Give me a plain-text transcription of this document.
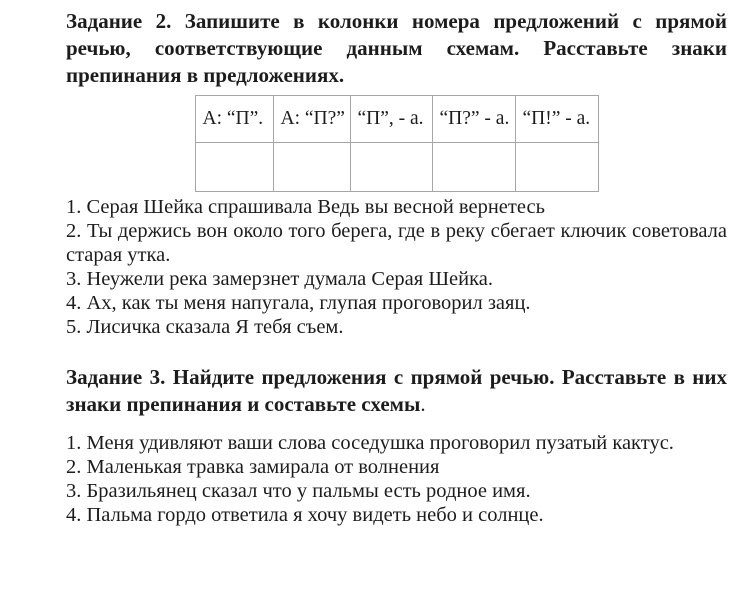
Задание 2. Запишите в колонки номера предложений с прямой речью, соответствующие данным схемам. Расставьте знаки препинания в предложениях.

А: “П”.	А: “П?”	“П”, - а.	“П?” - а.	“П!” - а.

1. Серая Шейка спрашивала Ведь вы весной вернетесь

2. Ты держись вон около того берега, где в реку сбегает ключик советовала старая утка.

3. Неужели река замерзнет думала Серая Шейка.

4. Ах, как ты меня напугала, глупая проговорил заяц.

5. Лисичка сказала Я тебя съем.

Задание 3. Найдите предложения с прямой речью. Расставьте в них знаки препинания и составьте схемы.

1. Меня удивляют ваши слова соседушка проговорил пузатый кактус.

2. Маленькая травка замирала от волнения

3. Бразильянец сказал что у пальмы есть родное имя.

4. Пальма гордо ответила я хочу видеть небо и солнце.
